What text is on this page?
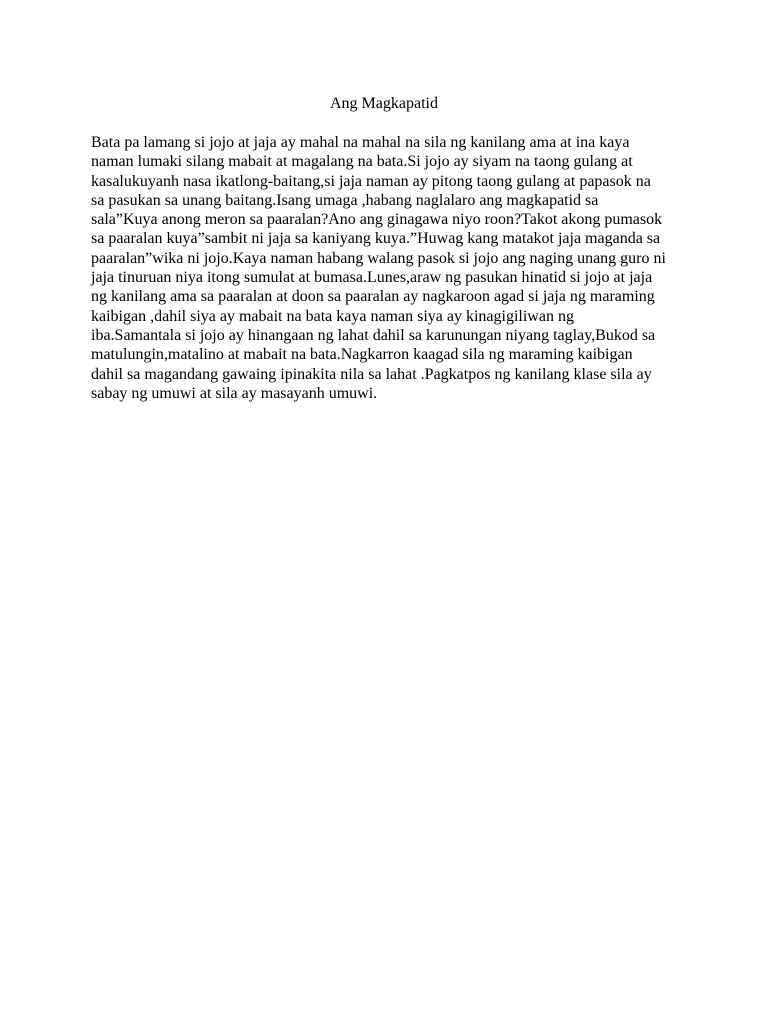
Ang Magkapatid
Bata pa lamang si jojo at jaja ay mahal na mahal na sila ng kanilang ama at ina kaya
naman lumaki silang mabait at magalang na bata.Si jojo ay siyam na taong gulang at
kasalukuyanh nasa ikatlong-baitang,si jaja naman ay pitong taong gulang at papasok na
sa pasukan sa unang baitang.Isang umaga ,habang naglalaro ang magkapatid sa
sala”Kuya anong meron sa paaralan?Ano ang ginagawa niyo roon?Takot akong pumasok
sa paaralan kuya”sambit ni jaja sa kaniyang kuya.”Huwag kang matakot jaja maganda sa
paaralan”wika ni jojo.Kaya naman habang walang pasok si jojo ang naging unang guro ni
jaja tinuruan niya itong sumulat at bumasa.Lunes,araw ng pasukan hinatid si jojo at jaja
ng kanilang ama sa paaralan at doon sa paaralan ay nagkaroon agad si jaja ng maraming
kaibigan ,dahil siya ay mabait na bata kaya naman siya ay kinagigiliwan ng
iba.Samantala si jojo ay hinangaan ng lahat dahil sa karunungan niyang taglay,Bukod sa
matulungin,matalino at mabait na bata.Nagkarron kaagad sila ng maraming kaibigan
dahil sa magandang gawaing ipinakita nila sa lahat .Pagkatpos ng kanilang klase sila ay
sabay ng umuwi at sila ay masayanh umuwi.
